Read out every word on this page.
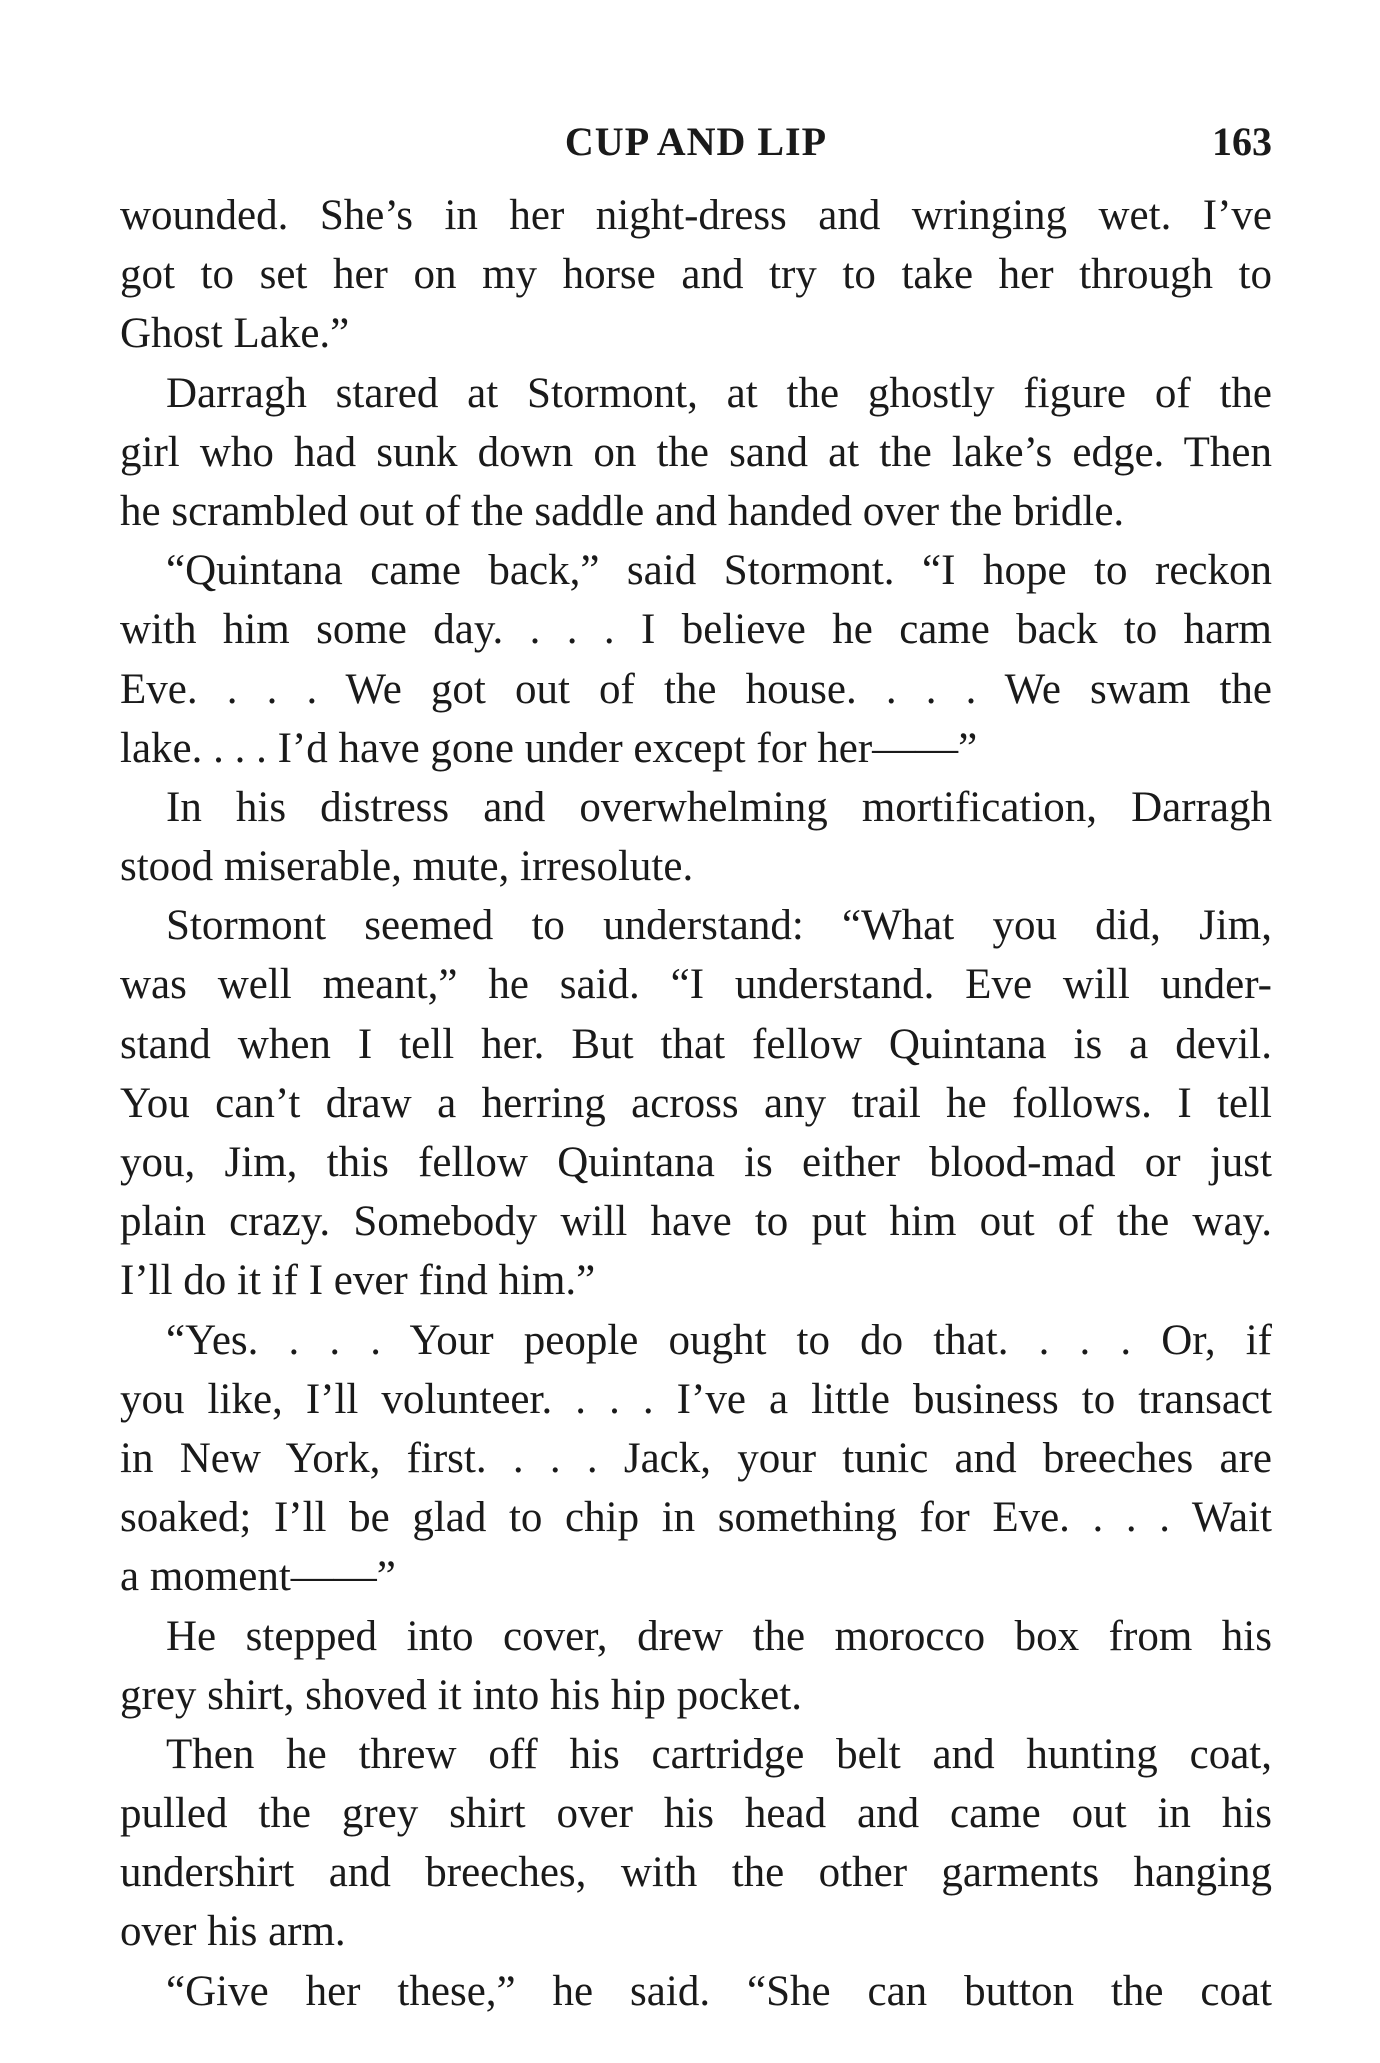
CUP AND LIP	163
wounded. She’s in her night-dress and wringing wet. I’ve
got to set her on my horse and try to take her through to
Ghost Lake.”
Darragh stared at Stormont, at the ghostly figure of the
girl who had sunk down on the sand at the lake’s edge. Then
he scrambled out of the saddle and handed over the bridle.
“Quintana came back,” said Stormont. “I hope to reckon
with him some day. . . . I believe he came back to harm
Eve. . . . We got out of the house. . . . We swam the
lake. . . . I’d have gone under except for her——”
In his distress and overwhelming mortification, Darragh
stood miserable, mute, irresolute.
Stormont seemed to understand: “What you did, Jim,
was well meant,” he said. “I understand. Eve will under-
stand when I tell her. But that fellow Quintana is a devil.
You can’t draw a herring across any trail he follows. I tell
you, Jim, this fellow Quintana is either blood-mad or just
plain crazy. Somebody will have to put him out of the way.
I’ll do it if I ever find him.”
“Yes. . . . Your people ought to do that. . . . Or, if
you like, I’ll volunteer. . . . I’ve a little business to transact
in New York, first. . . . Jack, your tunic and breeches are
soaked; I’ll be glad to chip in something for Eve. . . . Wait
a moment——”
He stepped into cover, drew the morocco box from his
grey shirt, shoved it into his hip pocket.
Then he threw off his cartridge belt and hunting coat,
pulled the grey shirt over his head and came out in his
undershirt and breeches, with the other garments hanging
over his arm.
“Give her these,” he said. “She can button the coat
